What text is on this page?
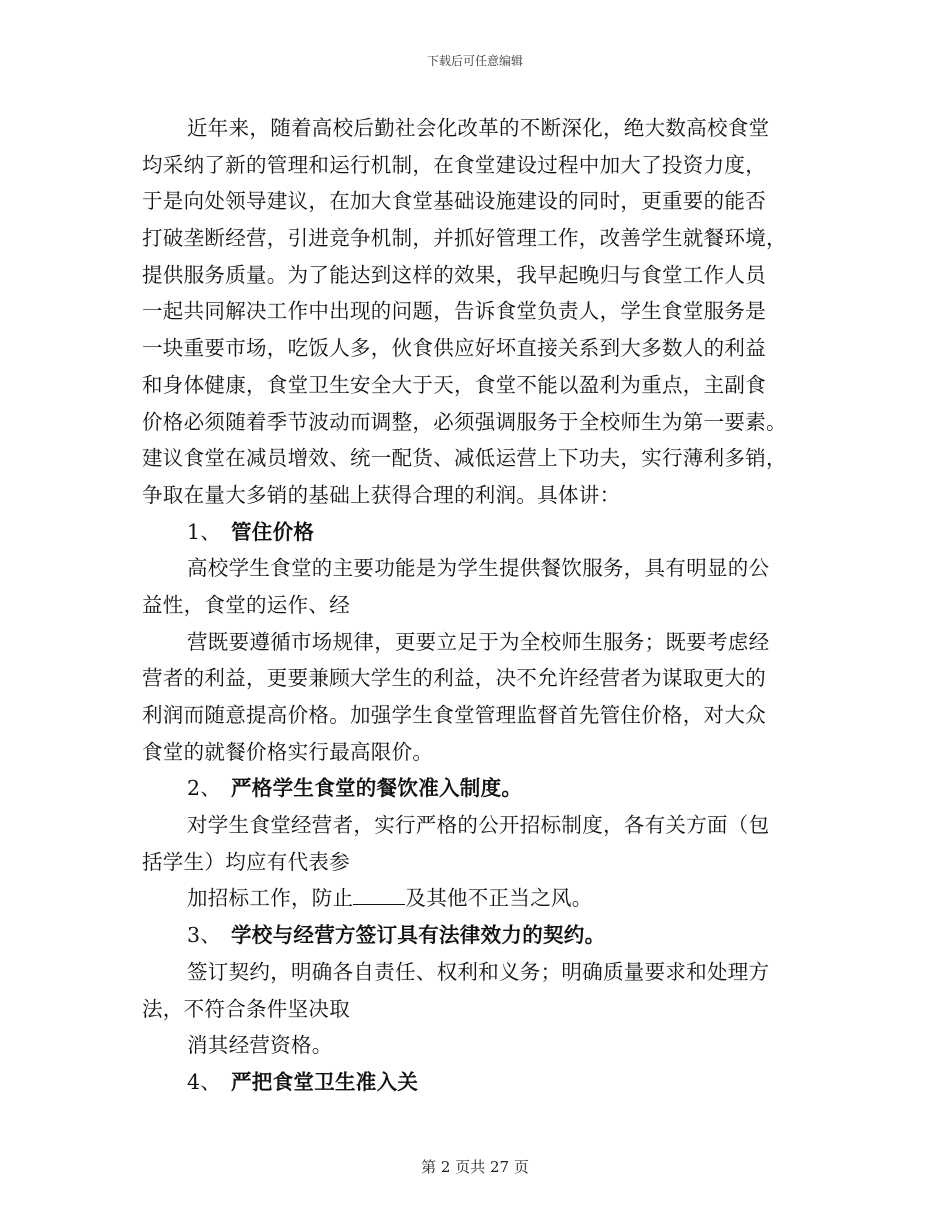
下载后可任意编辑
近年来，随着高校后勤社会化改革的不断深化，绝大数高校食堂
均采纳了新的管理和运行机制，在食堂建设过程中加大了投资力度，
于是向处领导建议，在加大食堂基础设施建设的同时，更重要的能否
打破垄断经营，引进竞争机制，并抓好管理工作，改善学生就餐环境，
提供服务质量。为了能达到这样的效果，我早起晚归与食堂工作人员
一起共同解决工作中出现的问题，告诉食堂负责人，学生食堂服务是
一块重要市场，吃饭人多，伙食供应好坏直接关系到大多数人的利益
和身体健康，食堂卫生安全大于天，食堂不能以盈利为重点，主副食
价格必须随着季节波动而调整，必须强调服务于全校师生为第一要素。
建议食堂在减员增效、统一配货、减低运营上下功夫，实行薄利多销，
争取在量大多销的基础上获得合理的利润。具体讲：
1、 管住价格
高校学生食堂的主要功能是为学生提供餐饮服务，具有明显的公
益性，食堂的运作、经
营既要遵循市场规律，更要立足于为全校师生服务；既要考虑经
营者的利益，更要兼顾大学生的利益，决不允许经营者为谋取更大的
利润而随意提高价格。加强学生食堂管理监督首先管住价格，对大众
食堂的就餐价格实行最高限价。
2、 严格学生食堂的餐饮准入制度。
对学生食堂经营者，实行严格的公开招标制度，各有关方面（包
括学生）均应有代表参
加招标工作，防止	及其他不正当之风。
3、 学校与经营方签订具有法律效力的契约。
签订契约，明确各自责任、权利和义务；明确质量要求和处理方
法，不符合条件坚决取
消其经营资格。
4、 严把食堂卫生准入关
第 2 页共 27 页
